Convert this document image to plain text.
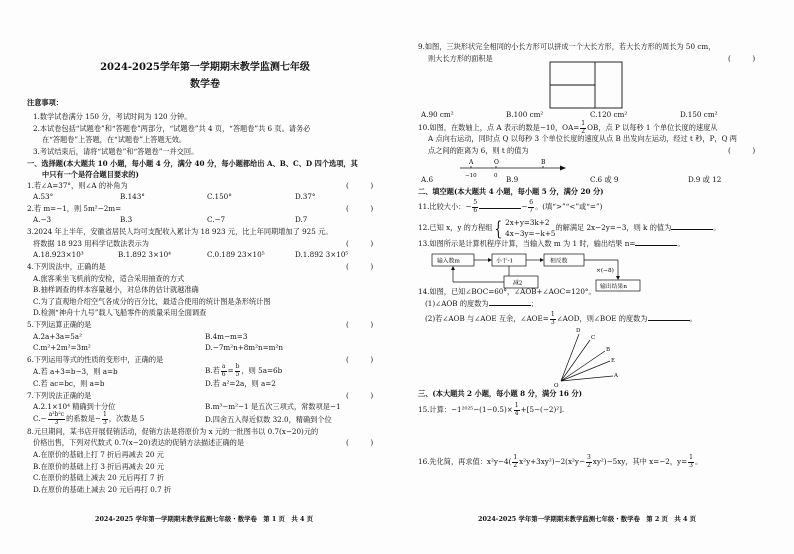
2024-2025学年第一学期期末教学监测七年级
数学卷
注意事项：
1.数学试卷满分 150 分，考试时间为 120 分钟。
2.本试卷包括“试题卷”和“答题卷”两部分，“试题卷”共 4 页，“答题卷”共 6 页。请务必
在“答题卷”上答题，在“试题卷”上答题无效。
3.考试结束后，请将“试题卷”和“答题卷”一并交回。
一、选择题(本大题共 10 小题，每小题 4 分，满分 40 分，每小题都给出 A、B、C、D 四个选项，其
中只有一个是符合题目要求的)
1.若∠A=37°，则∠A 的补角为	(　　　)
A.53°	B.143°	C.150°	D.37°
2.若 m=−1，则 5m²−2m=	(　　　)
A.−3	B.3	C.−7	D.7
3.2024 年上半年，安徽省居民人均可支配收入累计为 18 923 元，比上年同期增加了 925 元。
将数据 18 923 用科学记数法表示为	(　　　)
A.18.923×10³	B.1.892 3×10⁴	C.0.189 23×10⁵	D.1.892 3×10⁵
4.下列说法中，正确的是	(　　　)
A.旅客乘坐飞机前的安检，适合采用抽查的方式
B.抽样调查的样本容量越小，对总体的估计就越准确
C.为了直观地介绍空气各成分的百分比，最适合使用的统计图是条形统计图
D.检测“神舟十九号”载人飞船零件的质量采用全面调查
5.下列运算正确的是	(　　　)
A.2a+3a=5a²	B.4m−m=3
C.m²+2m²=3m²	D.−7m²n+8m²n=m²n
6.下列运用等式的性质的变形中，正确的是	(　　　)
A.若 a+3=b−3，则 a=b	B.若 $\frac{a}{6} = \frac{b}{5}$ ，则 5a=6b
C.若 ac=bc，则 a=b	D.若 a²=2a，则 a=2
7.下列说法正确的是	(　　　)
A.2.1×10⁴ 精确到十分位	B.m³−m²−1 是五次三项式，常数项是−1
$C.- \frac{\text{a²b²c}}{3}$ 的系数是− $\frac{1}{3}$ ，次数是 5	D.四舍五入得近似数 32.0，精确到个位
8.元旦期间，某书店开展促销活动，促销方法是将原价为 x 元的一批图书以 0.7(x−20)元的
价格出售，下列对代数式 0.7(x−20)表达的促销方法描述正确的是	(　　　)
A.在原价的基础上打 7 折后再减去 20 元
B.在原价的基础上打 3 折后再减去 20 元
C.在原价的基础上减去 20 元后再打 7 折
D.在原价的基础上减去 20 元后再打 0.7 折
2024-2025 学年第一学期期末教学监测七年级・数学卷　第 1 页　共 4 页
9.如图，三块形状完全相同的小长方形可以拼成一个大长方形，若大长方形的周长为 50 cm，
则大长方形的面积是	(　　　)
A.90 cm²	B.100 cm²	C.120 cm²	D.150 cm²
10.如图，在数轴上，点 A 表示的数是−10，$OA= \frac{1}{2}$ OB，点 P 以每秒 1 个单位长度的速度从
A 点向右运动，同时点 Q 以每秒 3 个单位长度的速度从点 B 出发向左运动，经过 t 秒，P，Q 两
点之间的距离为 6，则 t 的值为	(　　　)
A	O	B
−10	0
A.6	B.9	C.6 或 9	D.9 或 12
二、填空题(本大题共 4 小题，每小题 5 分，满分 20 分)
11.比较大小：− $\frac{5}{6}$	− $\frac{6}{7}$ 。(填“>”“<”或“=”)
12.已知 x，y 的方程组 { 2x+y=3k+2
4x−3y=−k+5
的解满足 2x−2y=−3，则 k 的值为	。
13.如图所示是计算机程序计算，当输入数 m 为 1 时，输出结果 n=	。
输入数m	小于-1	相反数
×(−8)
输出结果n
减2
14.如图，已知∠BOC=60°，∠AOB+∠AOC=120°。
(1)∠AOB 的度数为	；
(2)若∠AOB 与∠AOE 互余，∠AOE= $\frac{1}{3}$ ∠AOD，则∠BOE 的度数为	。
O
D
C
B
E
A
三、(本大题共 2 小题，每小题 8 分，满分 16 分)
15.计算：$-1^{2025}-(1-0.5)\times \frac{1}{4} +[5-(-2)^2]$.
16.先化简，再求值：$x^2y-4( \frac{1}{2} x^2y+3xy^2)-2(x^2y- \frac{3}{2} xy^2)-5xy$，其中 x=−2，$y= \frac{1}{3}$ 。
2024-2025 学年第一学期期末教学监测七年级・数学卷　第 2 页　共 4 页
